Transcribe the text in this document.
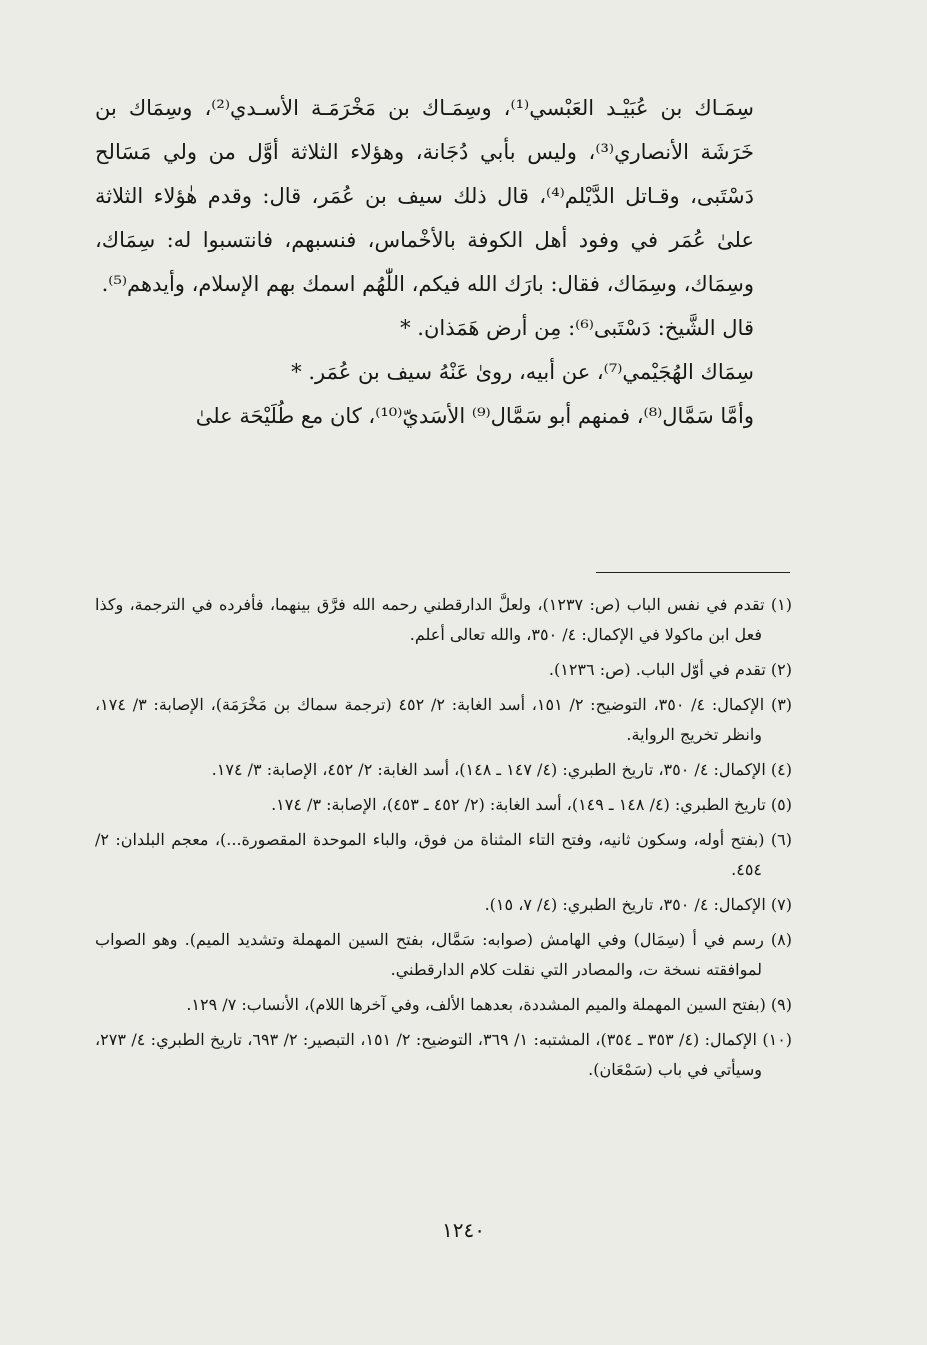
سِمَـاك بن عُبَيْـد العَبْسي⁽¹⁾، وسِمَـاك بن مَخْرَمَـة الأسـدي⁽²⁾، وسِمَاك بن خَرَشَة الأنصاري⁽³⁾، وليس بأبي دُجَانة، وهؤلاء الثلاثة أوَّل من ولي مَسَالح دَسْتَبى، وقـاتل الدَّيْلم⁽⁴⁾، قال ذلك سيف بن عُمَر، قال: وقدم هٰؤلاء الثلاثة علىٰ عُمَر في وفود أهل الكوفة بالأخْماس، فنسبهم، فانتسبوا له: سِمَاك، وسِمَاك، وسِمَاك، فقال: بارَك الله فيكم، اللّٰهُم اسمك بهم الإسلام، وأيدهم⁽⁵⁾.

قال الشَّيخ: دَسْتَبى⁽⁶⁾: مِن أرض هَمَذان. *

سِمَاك الهُجَيْمي⁽⁷⁾، عن أبيه، روىٰ عَنْهُ سيف بن عُمَر. *

وأمَّا سَمَّال⁽⁸⁾، فمنهم أبو سَمَّال⁽⁹⁾ الأسَديّ⁽¹⁰⁾، كان مع طُلَيْحَة علىٰ

(١) تقدم في نفس الباب (ص: ١٢٣٧)، ولعلَّ الدارقطني رحمه الله فرَّق بينهما، فأفرده في الترجمة، وكذا فعل ابن ماكولا في الإكمال: ٤/ ٣٥٠، والله تعالى أعلم.

(٢) تقدم في أوّل الباب. (ص: ١٢٣٦).

(٣) الإكمال: ٤/ ٣٥٠، التوضيح: ٢/ ١٥١، أسد الغابة: ٢/ ٤٥٢ (ترجمة سماك بن مَخْرَمَة)، الإصابة: ٣/ ١٧٤، وانظر تخريج الرواية.

(٤) الإكمال: ٤/ ٣٥٠، تاريخ الطبري: (٤/ ١٤٧ ـ ١٤٨)، أسد الغابة: ٢/ ٤٥٢، الإصابة: ٣/ ١٧٤.

(٥) تاريخ الطبري: (٤/ ١٤٨ ـ ١٤٩)، أسد الغابة: (٢/ ٤٥٢ ـ ٤٥٣)، الإصابة: ٣/ ١٧٤.

(٦) (بفتح أوله، وسكون ثانيه، وفتح التاء المثناة من فوق، والباء الموحدة المقصورة...)، معجم البلدان: ٢/ ٤٥٤.

(٧) الإكمال: ٤/ ٣٥٠، تاريخ الطبري: (٤/ ٧، ١٥).

(٨) رسم في أ (سِمَال) وفي الهامش (صوابه: سَمَّال، بفتح السين المهملة وتشديد الميم). وهو الصواب لموافقته نسخة ت، والمصادر التي نقلت كلام الدارقطني.

(٩) (بفتح السين المهملة والميم المشددة، بعدهما الألف، وفي آخرها اللام)، الأنساب: ٧/ ١٢٩.

(١٠) الإكمال: (٤/ ٣٥٣ ـ ٣٥٤)، المشتبه: ١/ ٣٦٩، التوضيح: ٢/ ١٥١، التبصير: ٢/ ٦٩٣، تاريخ الطبري: ٤/ ٢٧٣، وسيأتي في باب (سَمْعَان).

١٢٤٠
